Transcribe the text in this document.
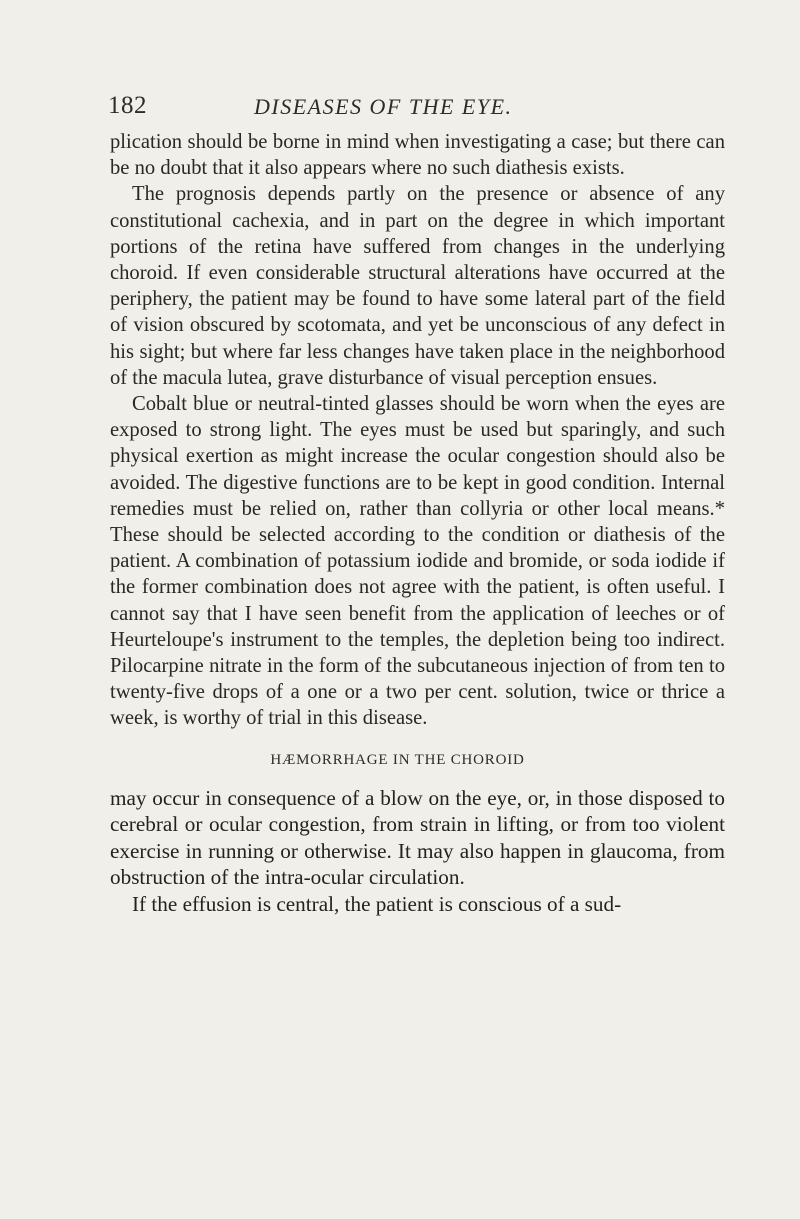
182	DISEASES OF THE EYE.

plication should be borne in mind when investigating a case; but there can be no doubt that it also appears where no such diathesis exists.

The prognosis depends partly on the presence or absence of any constitutional cachexia, and in part on the degree in which important portions of the retina have suffered from changes in the underlying choroid. If even considerable structural alterations have occurred at the periphery, the patient may be found to have some lateral part of the field of vision obscured by scotomata, and yet be unconscious of any defect in his sight; but where far less changes have taken place in the neighborhood of the macula lutea, grave disturbance of visual perception ensues.

Cobalt blue or neutral-tinted glasses should be worn when the eyes are exposed to strong light. The eyes must be used but sparingly, and such physical exertion as might increase the ocular congestion should also be avoided. The digestive functions are to be kept in good condition. Internal remedies must be relied on, rather than collyria or other local means.* These should be selected according to the condition or diathesis of the patient. A combination of potassium iodide and bromide, or soda iodide if the former combination does not agree with the patient, is often useful. I cannot say that I have seen benefit from the application of leeches or of Heurteloupe's instrument to the temples, the depletion being too indirect. Pilocarpine nitrate in the form of the subcutaneous injection of from ten to twenty-five drops of a one or a two per cent. solution, twice or thrice a week, is worthy of trial in this disease.

HÆMORRHAGE IN THE CHOROID

may occur in consequence of a blow on the eye, or, in those disposed to cerebral or ocular congestion, from strain in lifting, or from too violent exercise in running or otherwise. It may also happen in glaucoma, from obstruction of the intra-ocular circulation.

If the effusion is central, the patient is conscious of a sud-
